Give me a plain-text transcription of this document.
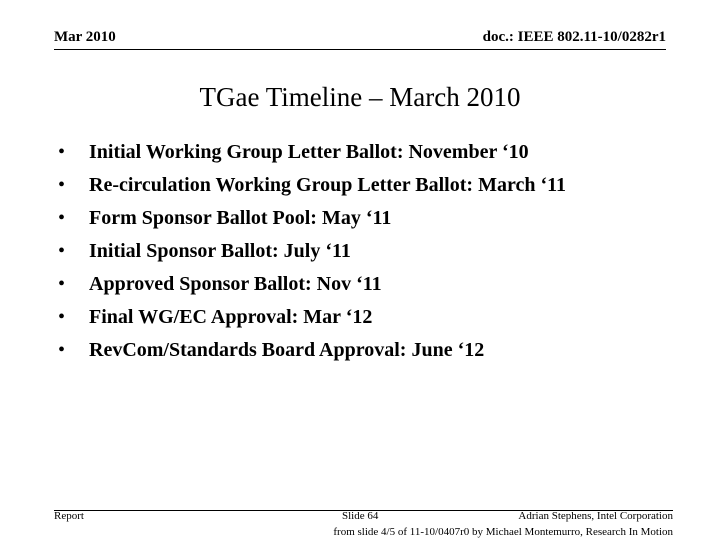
Mar 2010	doc.: IEEE 802.11-10/0282r1
TGae Timeline – March 2010
• Initial Working Group Letter Ballot: November ‘10
• Re-circulation Working Group Letter Ballot: March ‘11
• Form Sponsor Ballot Pool: May ‘11
• Initial Sponsor Ballot: July ‘11
• Approved Sponsor Ballot: Nov ‘11
• Final WG/EC Approval: Mar ‘12
• RevCom/Standards Board Approval: June ‘12
Report	Slide 64	Adrian Stephens, Intel Corporation
from slide 4/5 of 11-10/0407r0 by Michael Montemurro, Research In Motion
